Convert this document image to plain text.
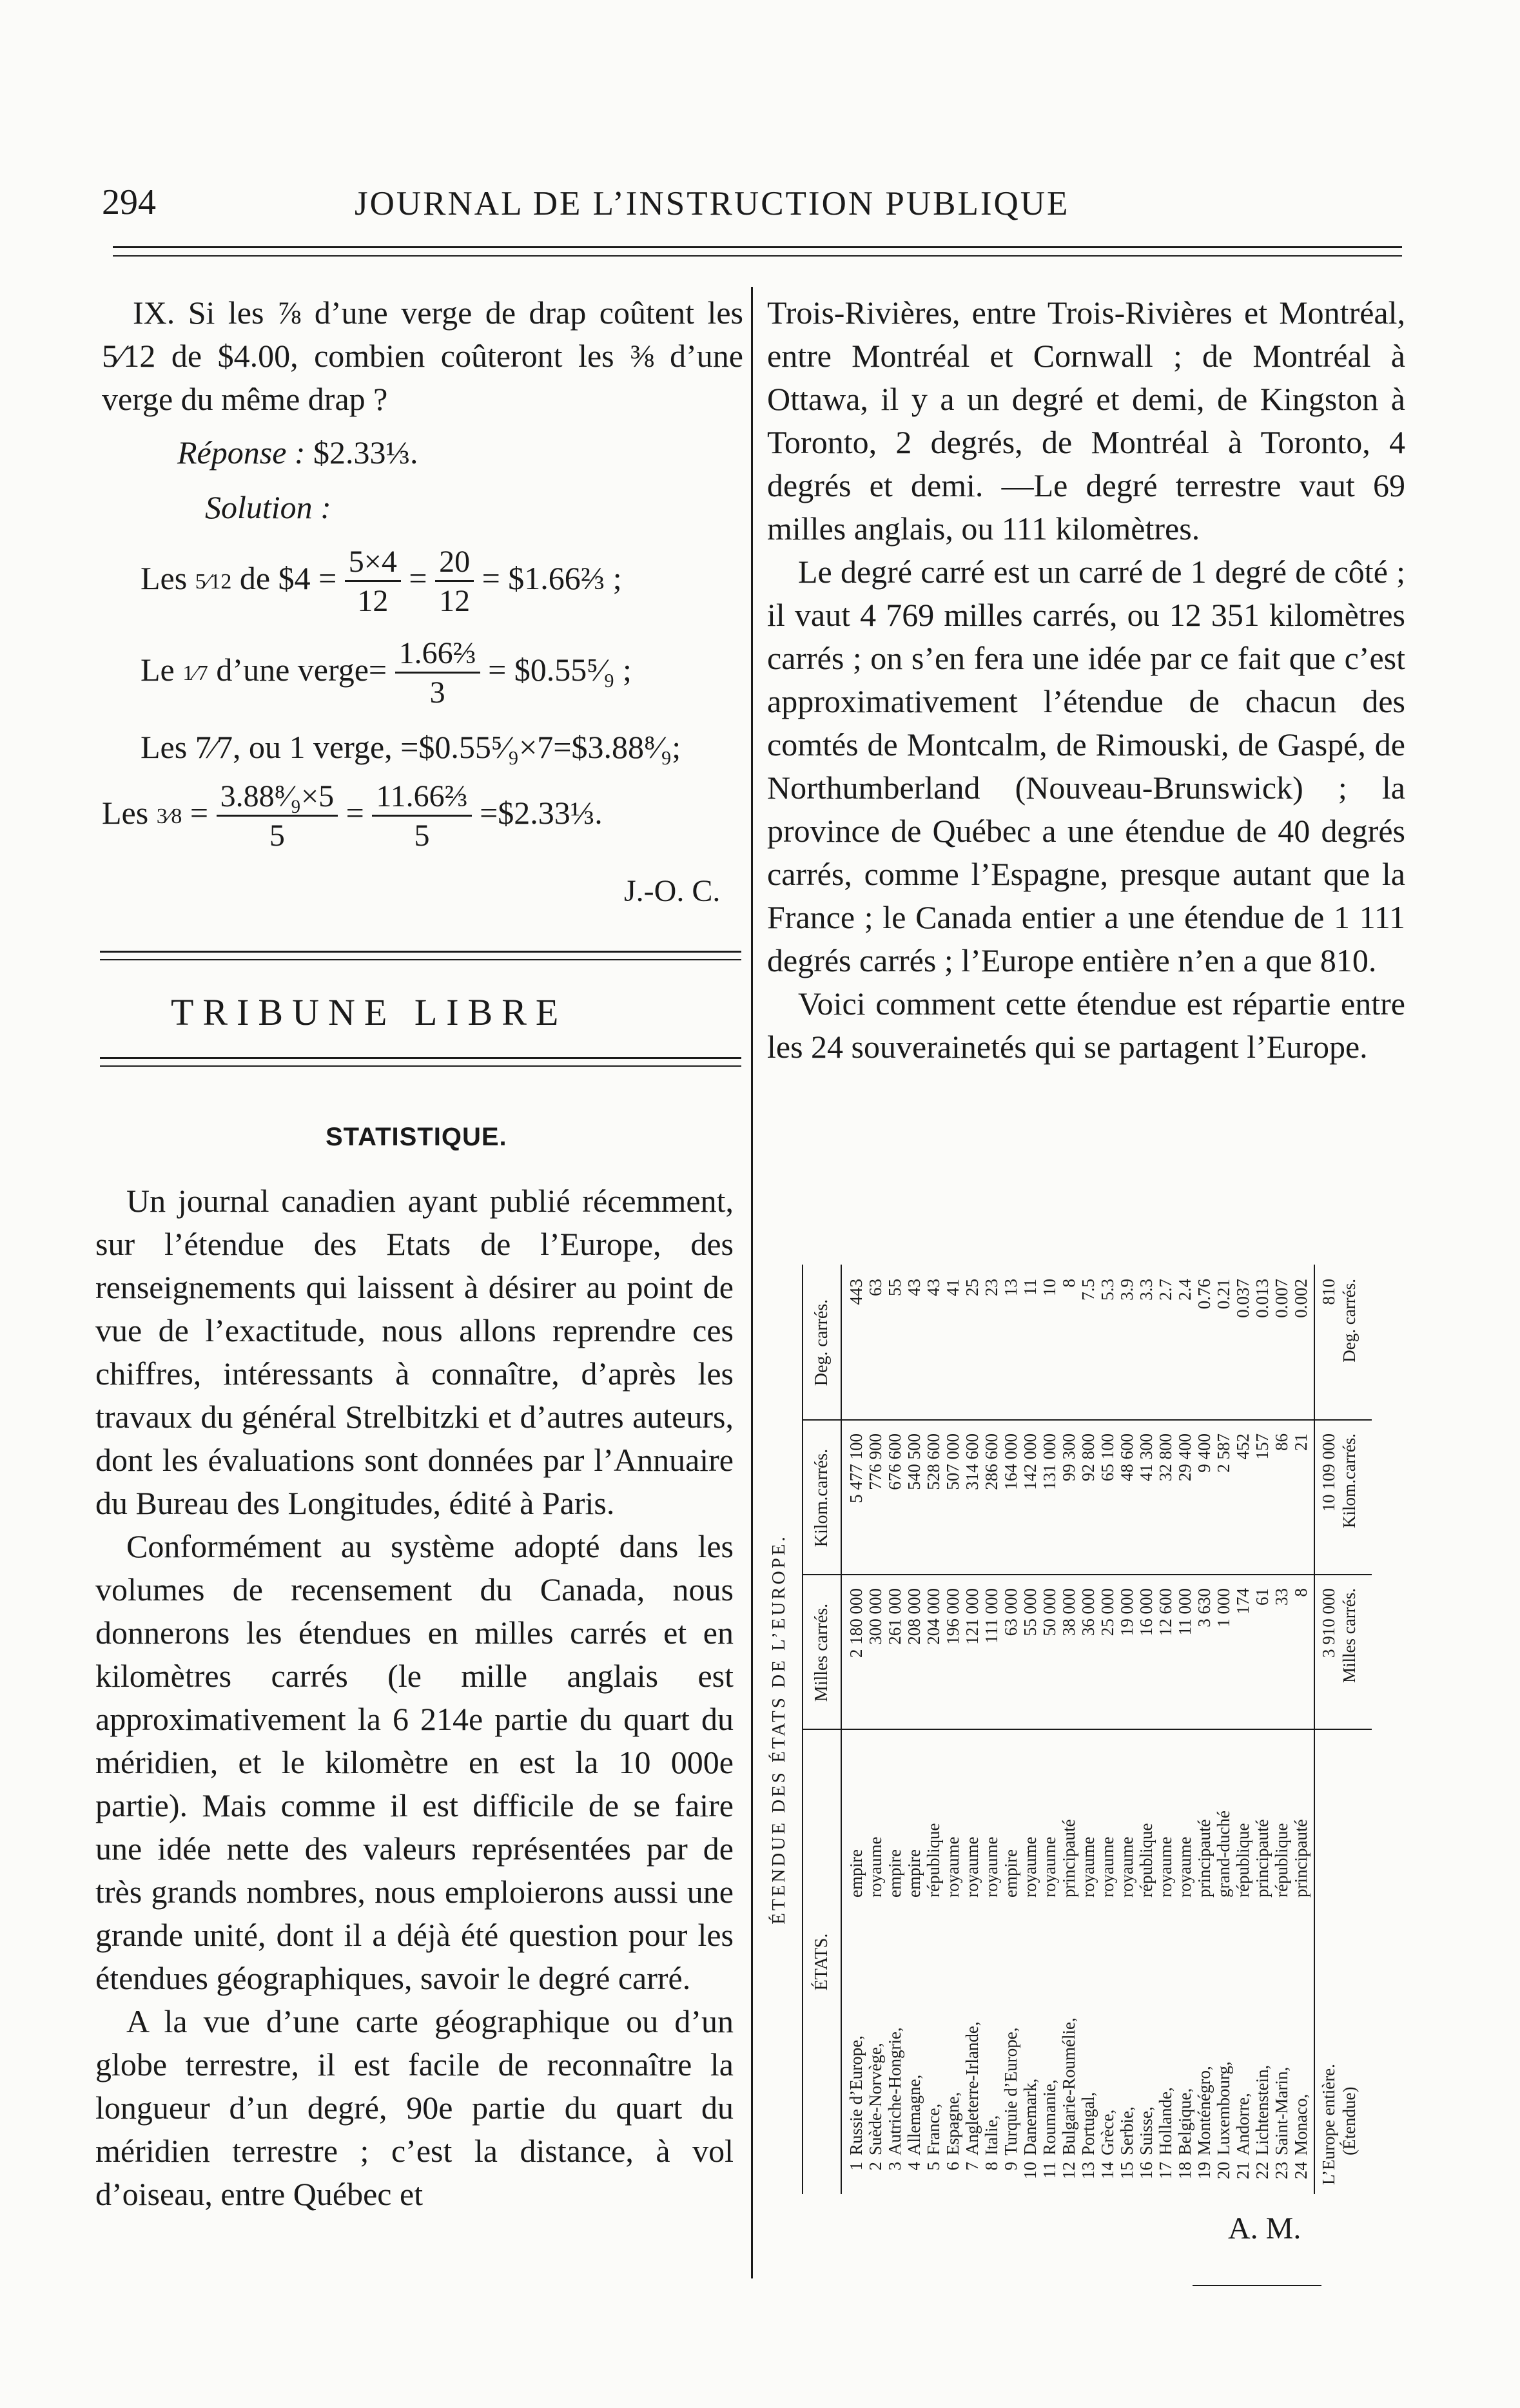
294	JOURNAL DE L’INSTRUCTION PUBLIQUE

IX. Si les ⅞ d’une verge de drap coûtent les 5⁄12 de $4.00, combien coûteront les ⅜ d’une verge du même drap ?

Réponse : $2.33⅓.
Solution :
Les 5⁄12 de $4 = $\frac{5\times 4}{12} = \frac{20}{12}$ = $1.66⅔ ;
Le 1⁄7 d’une verge= $\frac{\text{1.66⅔}}{3}$ = $0.55⁵⁄₉ ;
Les 7⁄7, ou 1 verge, =$0.55⁵⁄₉×7=$3.88⁸⁄₉;
Les 3⁄8 = $\frac{\text{3.88⁸⁄₉×5}}{5} = \frac{\text{11.66⅔}}{5}$ =$2.33⅓.
J.-O. C.
TRIBUNE LIBRE
STATISTIQUE.

Un journal canadien ayant publié récemment, sur l’étendue des Etats de l’Europe, des renseignements qui laissent à désirer au point de vue de l’exactitude, nous allons reprendre ces chiffres, intéressants à connaître, d’après les travaux du général Strelbitzki et d’autres auteurs, dont les évaluations sont données par l’Annuaire du Bureau des Longitudes, édité à Paris.

Conformément au système adopté dans les volumes de recensement du Canada, nous donnerons les étendues en milles carrés et en kilomètres carrés (le mille anglais est approximativement la 6 214e partie du quart du méridien, et le kilomètre en est la 10 000e partie). Mais comme il est difficile de se faire une idée nette des valeurs représentées par de très grands nombres, nous emploierons aussi une grande unité, dont il a déjà été question pour les étendues géographiques, savoir le degré carré.

A la vue d’une carte géographique ou d’un globe terrestre, il est facile de reconnaître la longueur d’un degré, 90e partie du quart du méridien terrestre ; c’est la distance, à vol d’oiseau, entre Québec et

Trois-Rivières, entre Trois-Rivières et Montréal, entre Montréal et Cornwall ; de Montréal à Ottawa, il y a un degré et demi, de Kingston à Toronto, 2 degrés, de Montréal à Toronto, 4 degrés et demi. —Le degré terrestre vaut 69 milles anglais, ou 111 kilomètres.

Le degré carré est un carré de 1 degré de côté ; il vaut 4 769 milles carrés, ou 12 351 kilomètres carrés ; on s’en fera une idée par ce fait que c’est approximativement l’étendue de chacun des comtés de Montcalm, de Rimouski, de Gaspé, de Northumberland (Nouveau-Brunswick) ; la province de Québec a une étendue de 40 degrés carrés, comme l’Espagne, presque autant que la France ; le Canada entier a une étendue de 1 111 degrés carrés ; l’Europe entière n’en a que 810.

Voici comment cette étendue est répartie entre les 24 souverainetés qui se partagent l’Europe.

ÉTENDUE DES ÉTATS DE L’EUROPE.
ÉTATS.
Milles carrés.
Kilom.carrés.
Deg. carrés.
L’Europe entière.
3 910 000
10 109 000
810
(Étendue)
Milles carrés.
Kilom.carrés.
Deg. carrés.
1
Russie d’Europe,
empire
2 180 000
5 477 100
443
2
Suède-Norvège,
royaume
300 000
776 900
63
3
Autriche-Hongrie,
empire
261 000
676 600
55
4
Allemagne,
empire
208 000
540 500
43
5
France,
république
204 000
528 600
43
6
Espagne,
royaume
196 000
507 000
41
7
Angleterre-Irlande,
royaume
121 000
314 600
25
8
Italie,
royaume
111 000
286 600
23
9
Turquie d’Europe,
empire
63 000
164 000
13
10
Danemark,
royaume
55 000
142 000
11
11
Roumanie,
royaume
50 000
131 000
10
12
Bulgarie-Roumélie,
principauté
38 000
99 300
8
13
Portugal,
royaume
36 000
92 800
7.5
14
Grèce,
royaume
25 000
65 100
5.3
15
Serbie,
royaume
19 000
48 600
3.9
16
Suisse,
république
16 000
41 300
3.3
17
Hollande,
royaume
12 600
32 800
2.7
18
Belgique,
royaume
11 000
29 400
2.4
19
Monténégro,
principauté
3 630
9 400
0.76
20
Luxembourg,
grand-duché
1 000
2 587
0.21
21
Andorre,
république
174
452
0.037
22
Lichtenstein,
principauté
61
157
0.013
23
Saint-Marin,
république
33
86
0.007
24
Monaco,
principauté
8
21
0.002
A. M.
